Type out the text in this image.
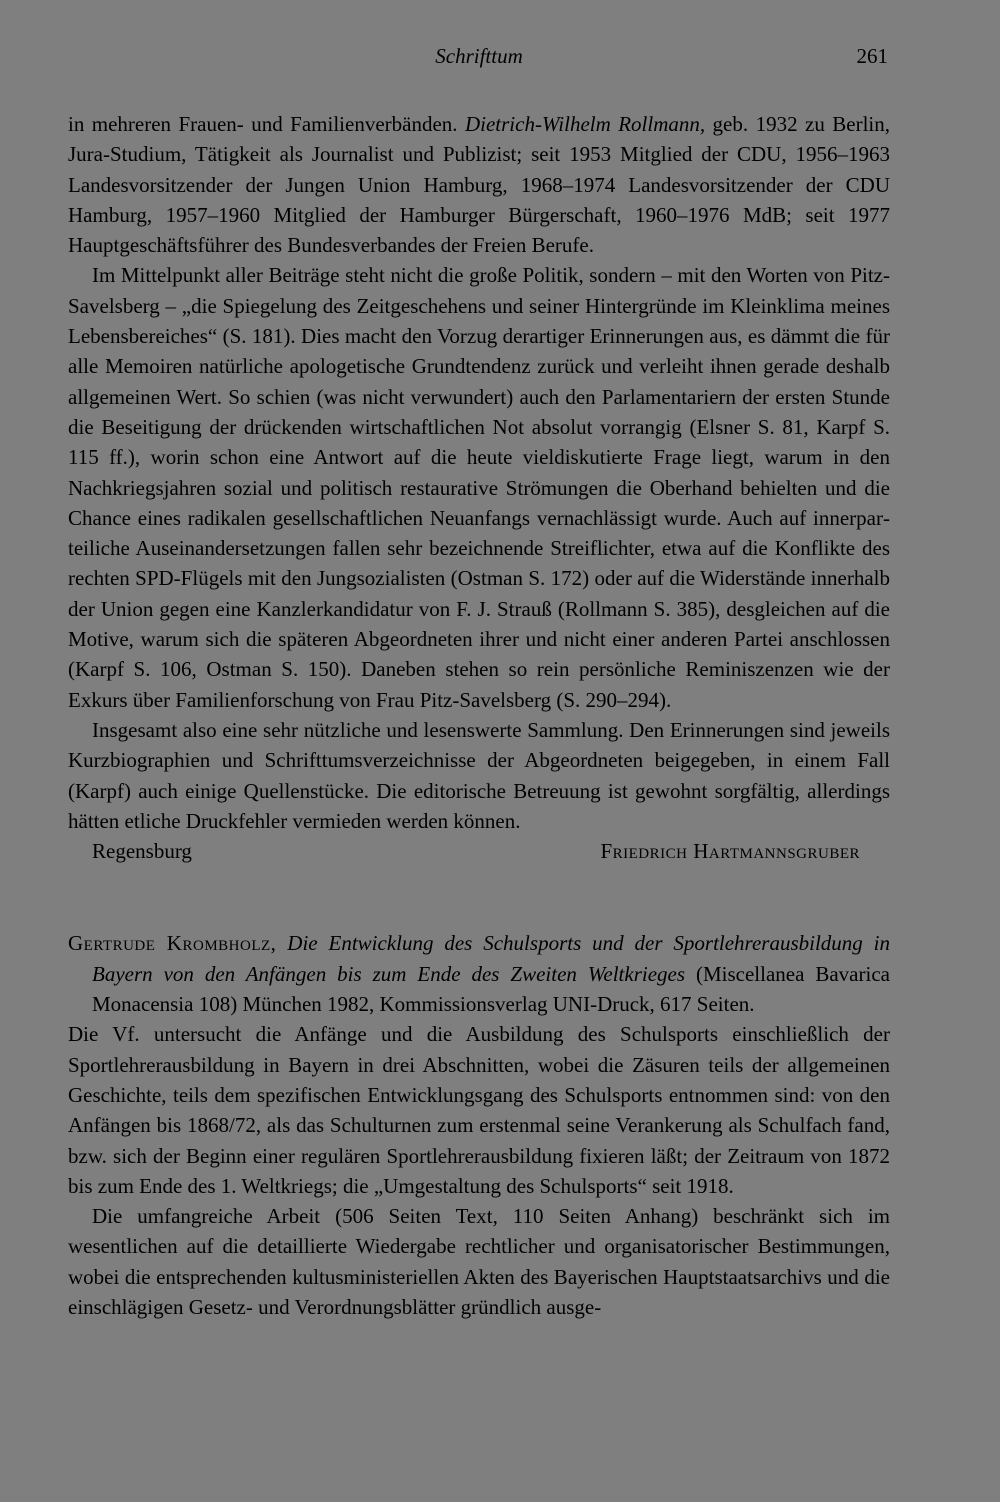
Schrifttum	261

in mehreren Frauen- und Familienverbänden. Dietrich-Wilhelm Rollmann, geb. 1932 zu Berlin, Jura-Studium, Tätigkeit als Journalist und Publizist; seit 1953 Mitglied der CDU, 1956–1963 Landesvorsitzender der Jungen Union Hamburg, 1968–1974 Landesvorsitzender der CDU Hamburg, 1957–1960 Mitglied der Hamburger Bürgerschaft, 1960–1976 MdB; seit 1977 Hauptgeschäftsführer des Bundesverbandes der Freien Berufe.

Im Mittelpunkt aller Beiträge steht nicht die große Politik, sondern – mit den Worten von Pitz-Savelsberg – „die Spiegelung des Zeitgeschehens und seiner Hintergründe im Kleinklima meines Lebensbereiches“ (S. 181). Dies macht den Vorzug derartiger Erinnerungen aus, es dämmt die für alle Memoiren natürliche apologetische Grundtendenz zurück und verleiht ihnen gerade deshalb allgemeinen Wert. So schien (was nicht verwundert) auch den Parlamentariern der ersten Stunde die Beseitigung der drückenden wirtschaftlichen Not absolut vorrangig (Elsner S. 81, Karpf S. 115 ff.), worin schon eine Antwort auf die heute vieldiskutierte Frage liegt, warum in den Nachkriegsjahren sozial und politisch restaurative Strömungen die Oberhand behielten und die Chance eines radikalen gesellschaftlichen Neuanfangs vernachlässigt wurde. Auch auf innerparteiliche Auseinandersetzungen fallen sehr bezeichnende Streiflichter, etwa auf die Konflikte des rechten SPD-Flügels mit den Jungsozialisten (Ostman S. 172) oder auf die Widerstände innerhalb der Union gegen eine Kanzlerkandidatur von F. J. Strauß (Rollmann S. 385), desgleichen auf die Motive, warum sich die späteren Abgeordneten ihrer und nicht einer anderen Partei anschlossen (Karpf S. 106, Ostman S. 150). Daneben stehen so rein persönliche Reminiszenzen wie der Exkurs über Familienforschung von Frau Pitz-Savelsberg (S. 290–294).

Insgesamt also eine sehr nützliche und lesenswerte Sammlung. Den Erinnerungen sind jeweils Kurzbiographien und Schrifttumsverzeichnisse der Abgeordneten beigegeben, in einem Fall (Karpf) auch einige Quellenstücke. Die editorische Betreuung ist gewohnt sorgfältig, allerdings hätten etliche Druckfehler vermieden werden können.

Regensburg	Friedrich Hartmannsgruber
Gertrude Krombholz, Die Entwicklung des Schulsports und der Sportlehrerausbildung in Bayern von den Anfängen bis zum Ende des Zweiten Weltkrieges (Miscellanea Bavarica Monacensia 108) München 1982, Kommissionsverlag UNI-Druck, 617 Seiten.

Die Vf. untersucht die Anfänge und die Ausbildung des Schulsports einschließlich der Sportlehrerausbildung in Bayern in drei Abschnitten, wobei die Zäsuren teils der allgemeinen Geschichte, teils dem spezifischen Entwicklungsgang des Schulsports entnommen sind: von den Anfängen bis 1868/72, als das Schulturnen zum erstenmal seine Verankerung als Schulfach fand, bzw. sich der Beginn einer regulären Sportlehrerausbildung fixieren läßt; der Zeitraum von 1872 bis zum Ende des 1. Weltkriegs; die „Umgestaltung des Schulsports“ seit 1918.

Die umfangreiche Arbeit (506 Seiten Text, 110 Seiten Anhang) beschränkt sich im wesentlichen auf die detaillierte Wiedergabe rechtlicher und organisatorischer Bestimmungen, wobei die entsprechenden kultusministeriellen Akten des Bayerischen Hauptstaatsarchivs und die einschlägigen Gesetz- und Verordnungsblätter gründlich ausge-
